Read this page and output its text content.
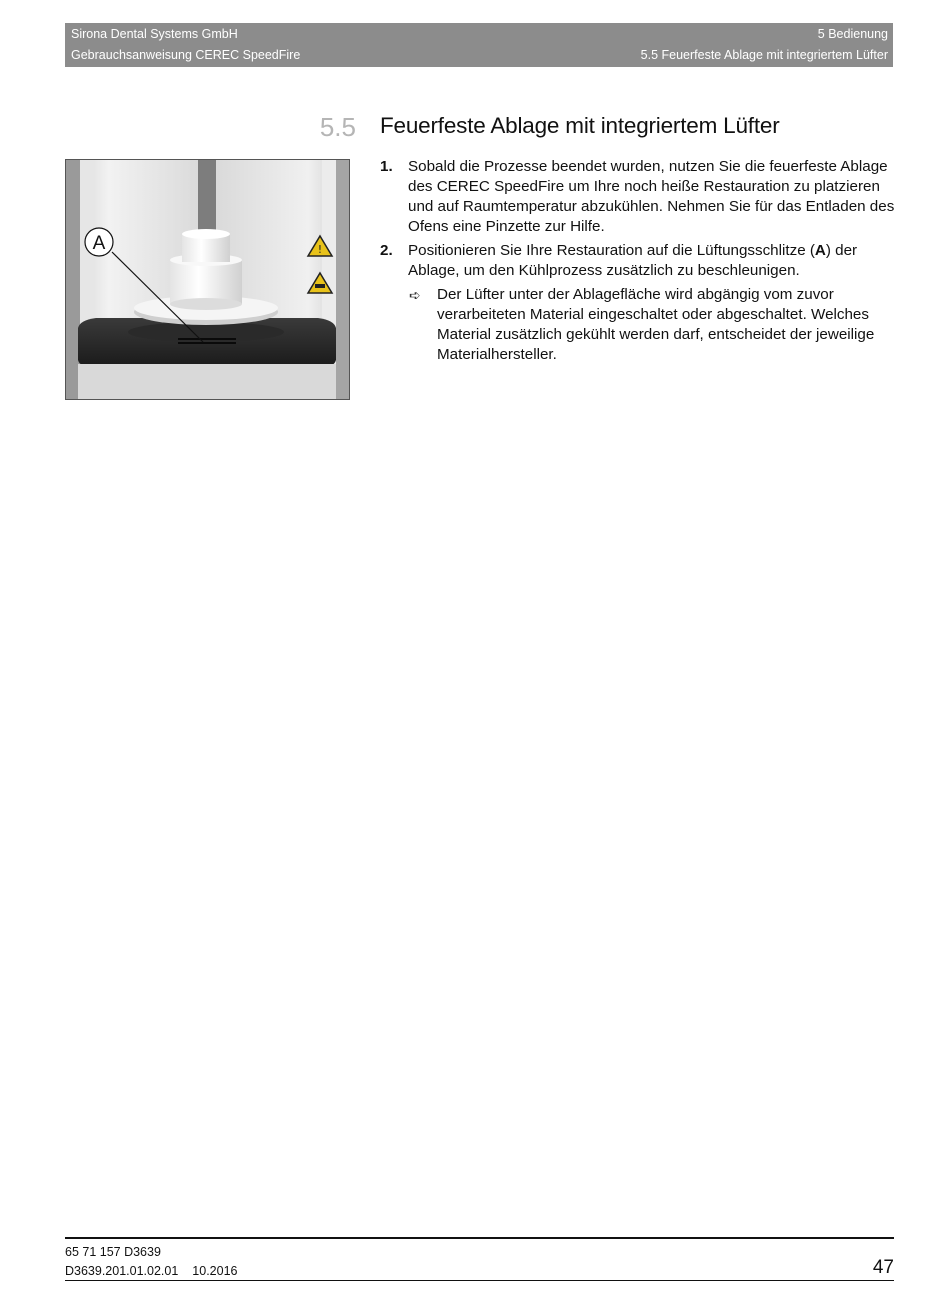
Sirona Dental Systems GmbH	5 Bedienung
Gebrauchsanweisung CEREC SpeedFire	5.5 Feuerfeste Ablage mit integriertem Lüfter
5.5 Feuerfeste Ablage mit integriertem Lüfter
!
A
1. Sobald die Prozesse beendet wurden, nutzen Sie die feuerfeste Ablage des CEREC SpeedFire um Ihre noch heiße Restauration zu platzieren und auf Raumtemperatur abzukühlen. Nehmen Sie für das Entladen des Ofens eine Pinzette zur Hilfe.

2. Positionieren Sie Ihre Restauration auf die Lüftungsschlitze (A) der Ablage, um den Kühlprozess zusätzlich zu beschleunigen.

➪ Der Lüfter unter der Ablagefläche wird abgängig vom zuvor verarbeiteten Material eingeschaltet oder abgeschaltet. Welches Material zusätzlich gekühlt werden darf, entscheidet der jeweilige Materialhersteller.

65 71 157 D3639
D3639.201.01.02.01 10.2016	47
